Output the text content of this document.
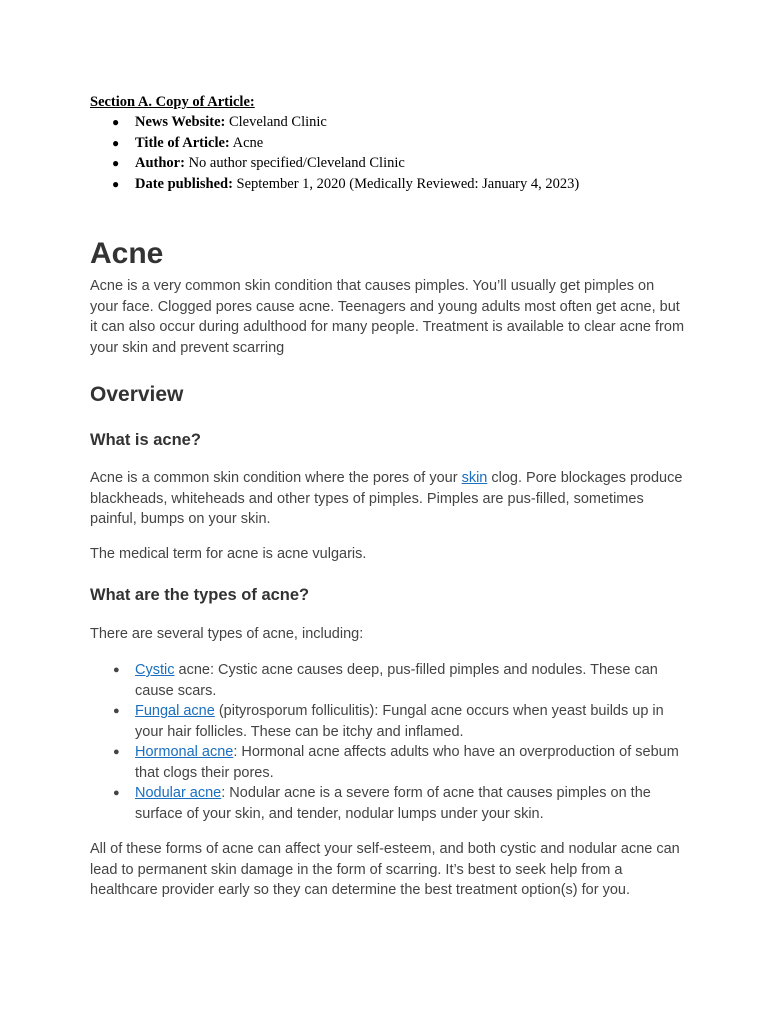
Section A. Copy of Article:
● News Website: Cleveland Clinic
● Title of Article: Acne
● Author: No author specified/Cleveland Clinic
● Date published: September 1, 2020 (Medically Reviewed: January 4, 2023)
Acne

Acne is a very common skin condition that causes pimples. You’ll usually get pimples on your face. Clogged pores cause acne. Teenagers and young adults most often get acne, but it can also occur during adulthood for many people. Treatment is available to clear acne from your skin and prevent scarring

Overview
What is acne?

Acne is a common skin condition where the pores of your skin clog. Pore blockages produce blackheads, whiteheads and other types of pimples. Pimples are pus-filled, sometimes painful, bumps on your skin.

The medical term for acne is acne vulgaris.

What are the types of acne?

There are several types of acne, including:

● Cystic acne: Cystic acne causes deep, pus-filled pimples and nodules. These can cause scars.
● Fungal acne (pityrosporum folliculitis): Fungal acne occurs when yeast builds up in your hair follicles. These can be itchy and inflamed.
● Hormonal acne: Hormonal acne affects adults who have an overproduction of sebum that clogs their pores.
● Nodular acne: Nodular acne is a severe form of acne that causes pimples on the surface of your skin, and tender, nodular lumps under your skin.

All of these forms of acne can affect your self-esteem, and both cystic and nodular acne can lead to permanent skin damage in the form of scarring. It’s best to seek help from a healthcare provider early so they can determine the best treatment option(s) for you.
